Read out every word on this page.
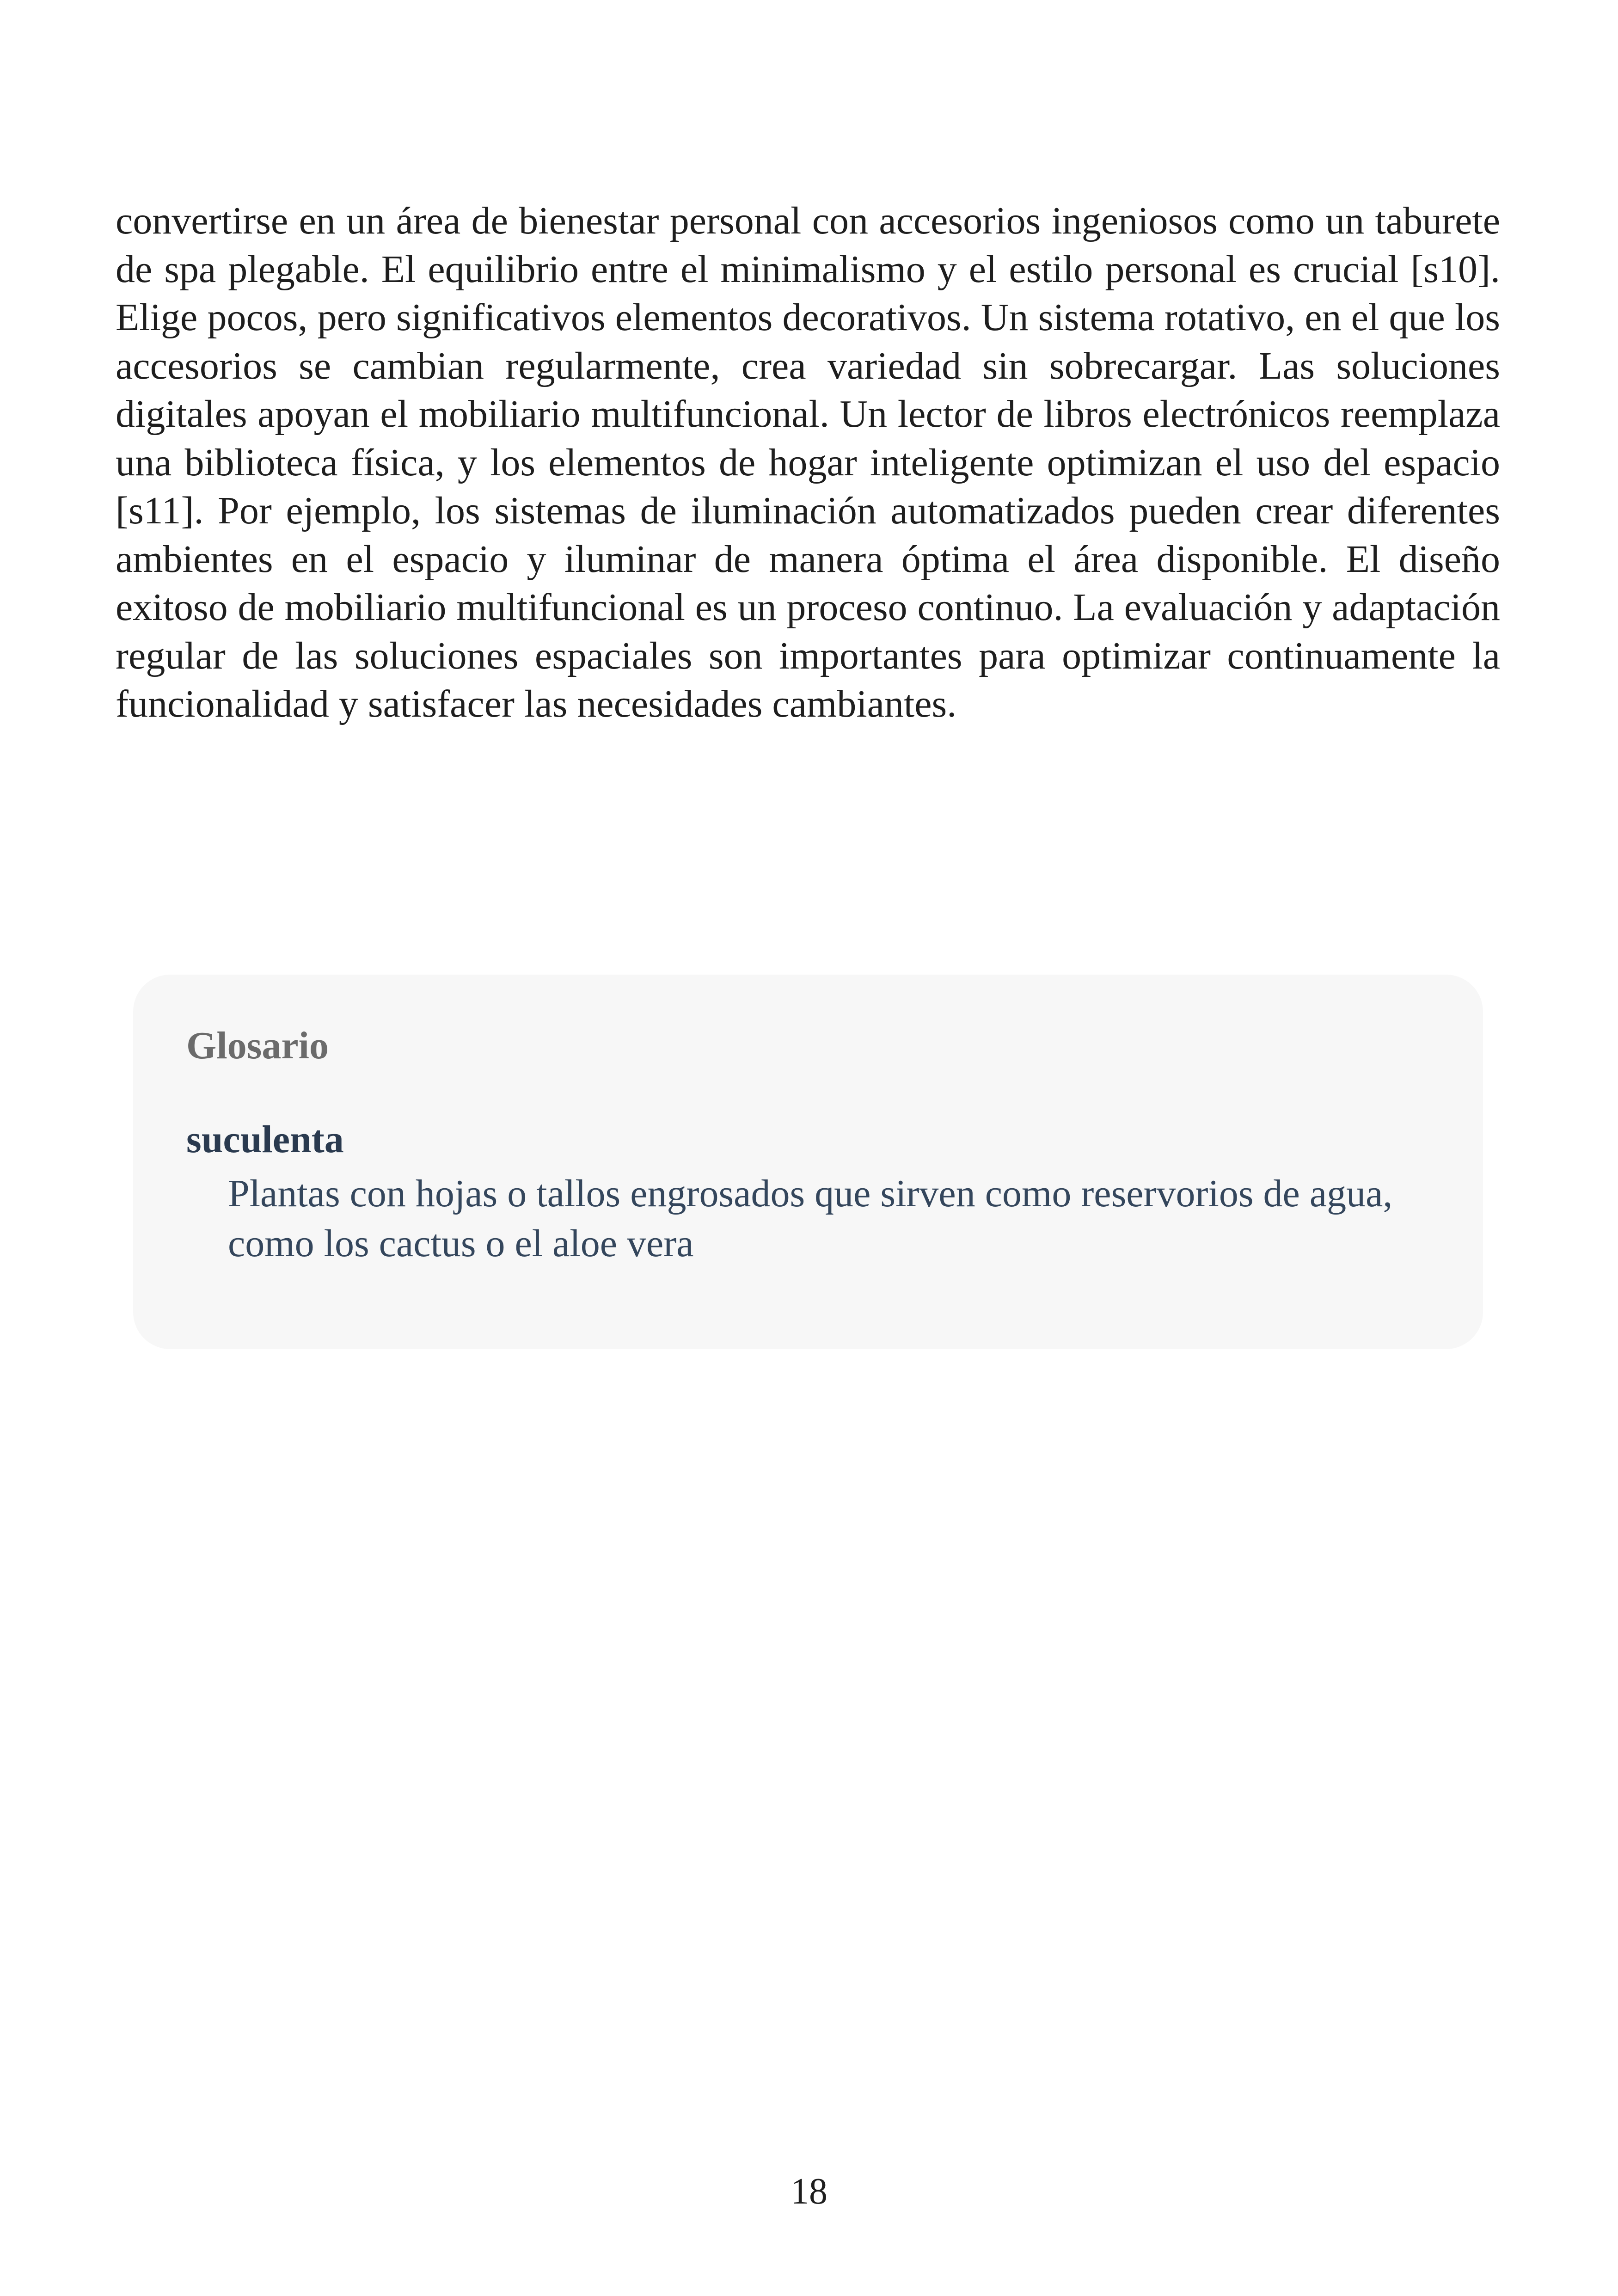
convertirse en un área de bienestar personal con accesorios ingeniosos como un taburete de spa plegable. El equilibrio entre el minimalismo y el estilo personal es crucial [s10]. Elige pocos, pero significativos elementos decorativos. Un sistema rotativo, en el que los accesorios se cambian regularmente, crea variedad sin sobrecargar. Las soluciones digitales apoyan el mobiliario multifuncional. Un lector de libros electrónicos reemplaza una biblioteca física, y los elementos de hogar inteligente optimizan el uso del espacio [s11]. Por ejemplo, los sistemas de iluminación automatizados pueden crear diferentes ambientes en el espacio y iluminar de manera óptima el área disponible. El diseño exitoso de mobiliario multifuncional es un proceso continuo. La evaluación y adaptación regular de las soluciones espaciales son importantes para optimizar continuamente la funcionalidad y satisfacer las necesidades cambiantes.

Glosario
suculenta
Plantas con hojas o tallos engrosados que sirven como reservorios de agua, como los cactus o el aloe vera
18
